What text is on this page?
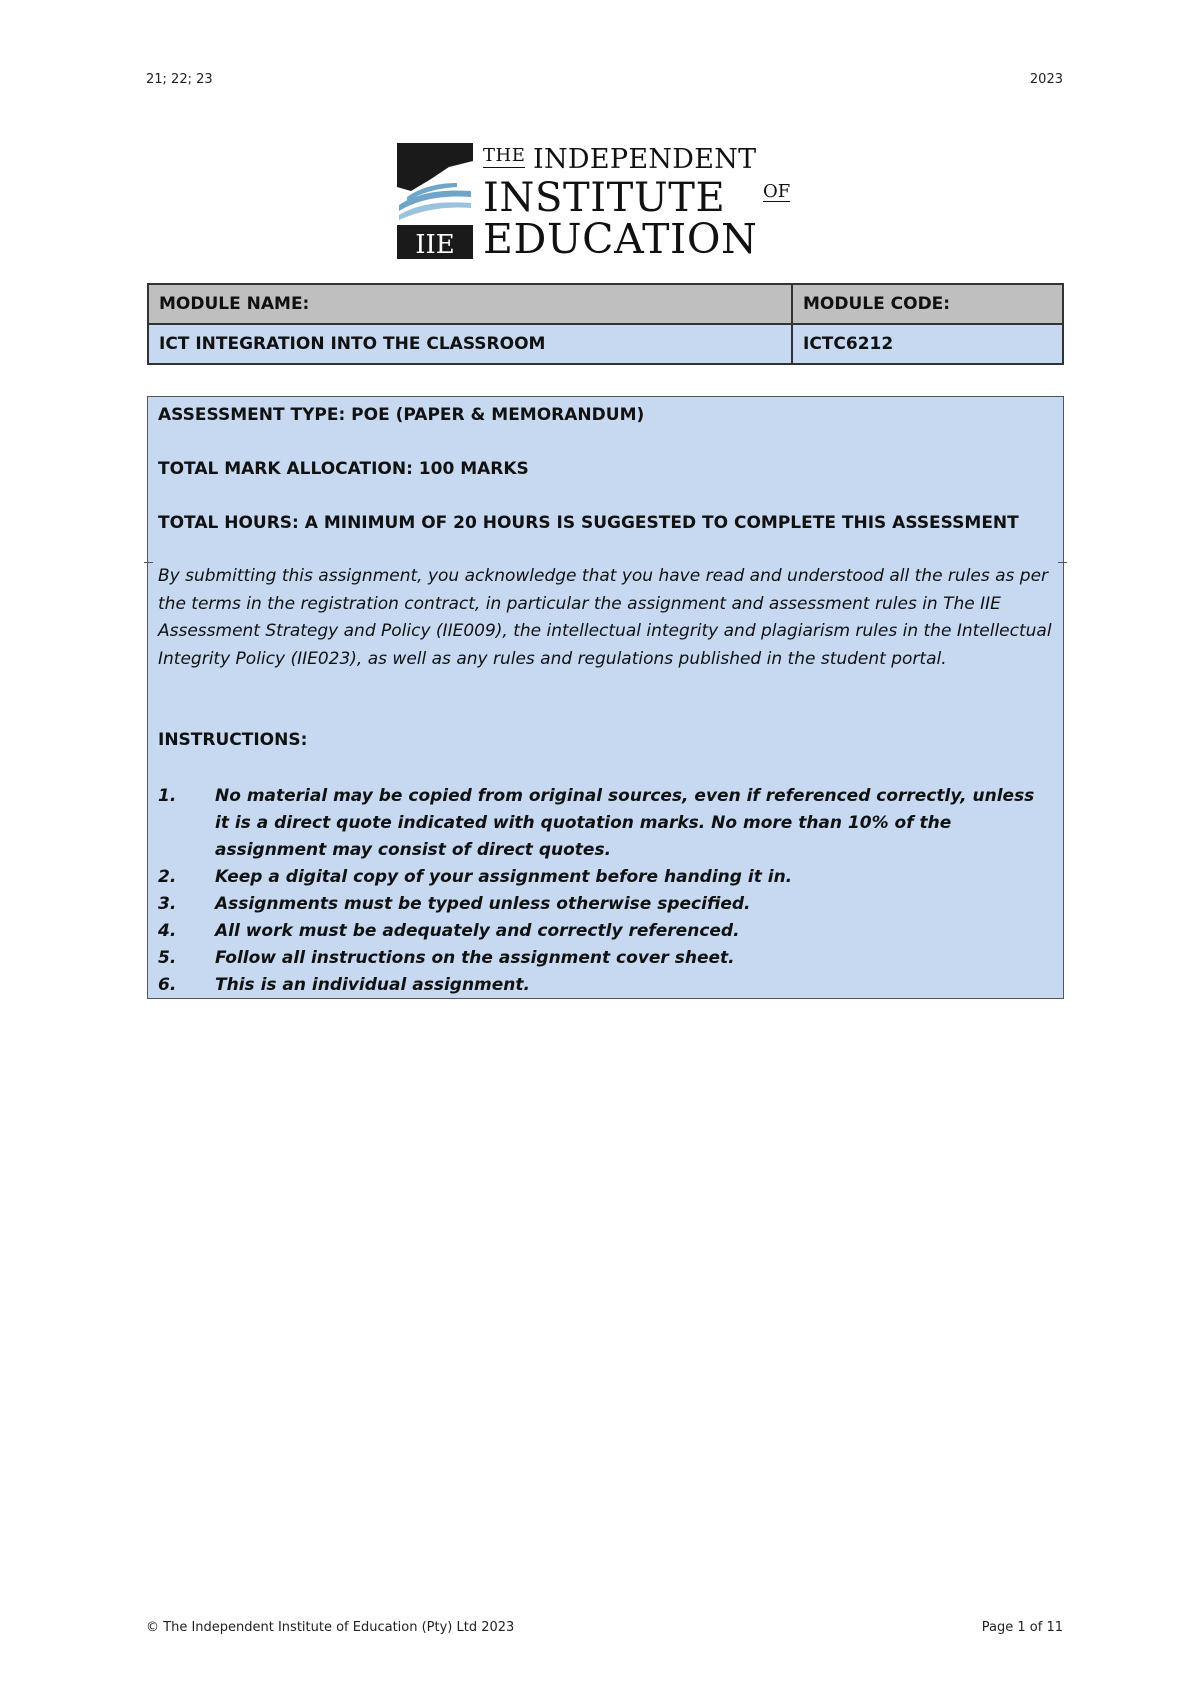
21; 22; 23	2023
IIE
THE INDEPENDENT
INSTITUTE OF
EDUCATION
MODULE NAME:	MODULE CODE:
ICT INTEGRATION INTO THE CLASSROOM	ICTC6212

ASSESSMENT TYPE: POE (PAPER & MEMORANDUM)

TOTAL MARK ALLOCATION: 100 MARKS

TOTAL HOURS: A MINIMUM OF 20 HOURS IS SUGGESTED TO COMPLETE THIS ASSESSMENT

By submitting this assignment, you acknowledge that you have read and understood all the rules as per the terms in the registration contract, in particular the assignment and assessment rules in The IIE Assessment Strategy and Policy (IIE009), the intellectual integrity and plagiarism rules in the Intellectual Integrity Policy (IIE023), as well as any rules and regulations published in the student portal.

INSTRUCTIONS:

1. No material may be copied from original sources, even if referenced correctly, unless it is a direct quote indicated with quotation marks. No more than 10% of the assignment may consist of direct quotes.
2. Keep a digital copy of your assignment before handing it in.
3. Assignments must be typed unless otherwise specified.
4. All work must be adequately and correctly referenced.
5. Follow all instructions on the assignment cover sheet.
6. This is an individual assignment.
© The Independent Institute of Education (Pty) Ltd 2023	Page 1 of 11
